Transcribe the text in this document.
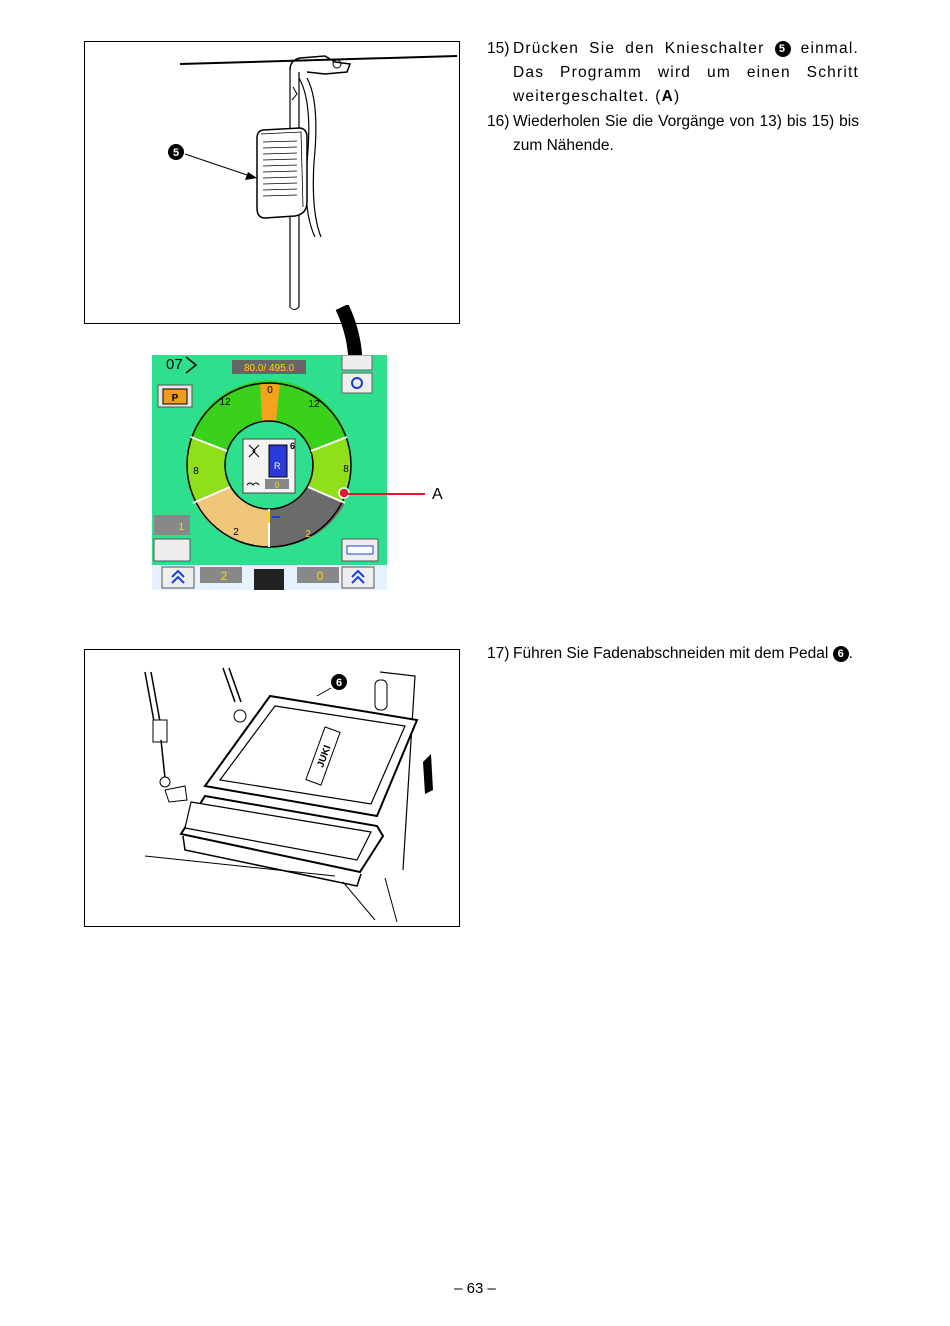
5
15) Drücken Sie den Knieschalter 5 einmal. Das Programm wird um einen Schritt weitergeschaltet. (A)
16) Wiederholen Sie die Vorgänge von 13) bis 15) bis zum Nähende.
17) Führen Sie Fadenabschneiden mit dem Pedal 6 .
07	80.0/ 495.0
P
0
12	12
8	8
2	2
6
R
0
1
2	0
A
JUKI
6
– 63 –
